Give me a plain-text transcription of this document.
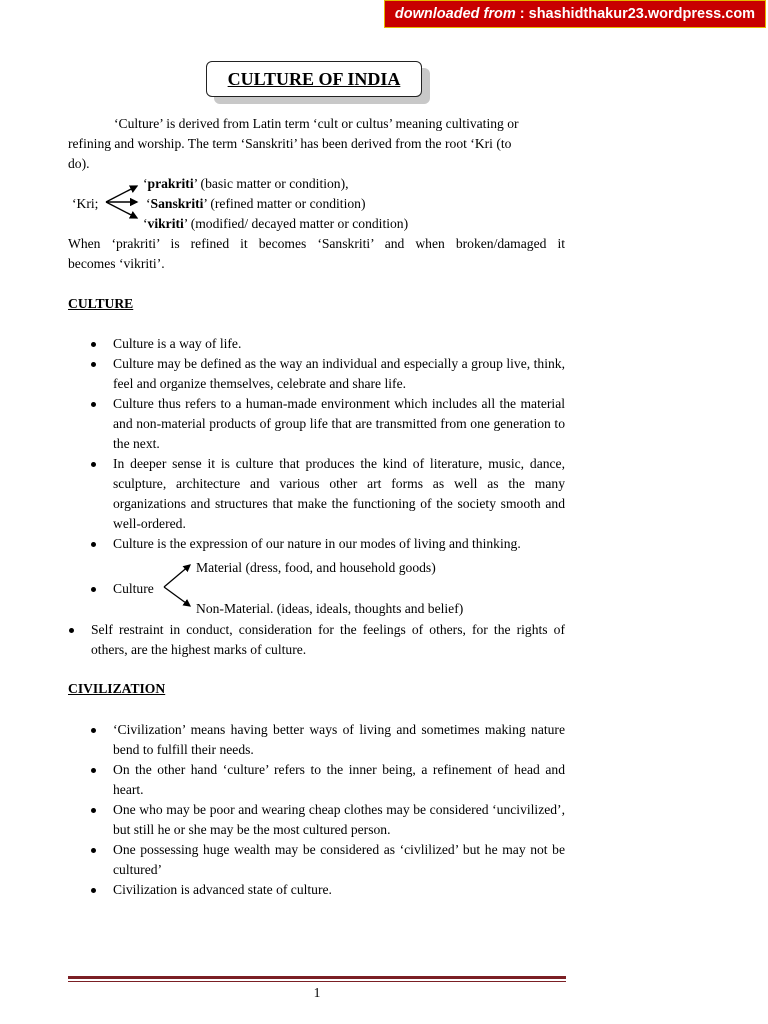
downloaded from : shashidthakur23.wordpress.com
CULTURE OF INDIA
‘Culture’ is derived from Latin term ‘cult or cultus’ meaning cultivating or
refining and worship. The term ‘Sanskriti’ has been derived from the root ‘Kri (to
do).
‘Kri;
‘prakriti’ (basic matter or condition),
‘Sanskriti’ (refined matter or condition)
‘vikriti’ (modified/ decayed matter or condition)
When ‘prakriti’ is refined it becomes ‘Sanskriti’ and when broken/damaged it
becomes ‘vikriti’.
CULTURE
Culture is a way of life.
Culture may be defined as the way an individual and especially a group live, think, feel and organize themselves, celebrate and share life.
Culture thus refers to a human-made environment which includes all the material and non-material products of group life that are transmitted from one generation to the next.
In deeper sense it is culture that produces the kind of literature, music, dance, sculpture, architecture and various other art forms as well as the many organizations and structures that make the functioning of the society smooth and well-ordered.
Culture is the expression of our nature in our modes of living and thinking.
Culture
Material (dress, food, and household goods)
Non-Material. (ideas, ideals, thoughts and belief)
Self restraint in conduct, consideration for the feelings of others, for the rights of others, are the highest marks of culture.
CIVILIZATION
‘Civilization’ means having better ways of living and sometimes making nature bend to fulfill their needs.
On the other hand ‘culture’ refers to the inner being, a refinement of head and heart.
One who may be poor and wearing cheap clothes may be considered ‘uncivilized’, but still he or she may be the most cultured person.
One possessing huge wealth may be considered as ‘civlilized’ but he may not be cultured’
Civilization is advanced state of culture.
1
